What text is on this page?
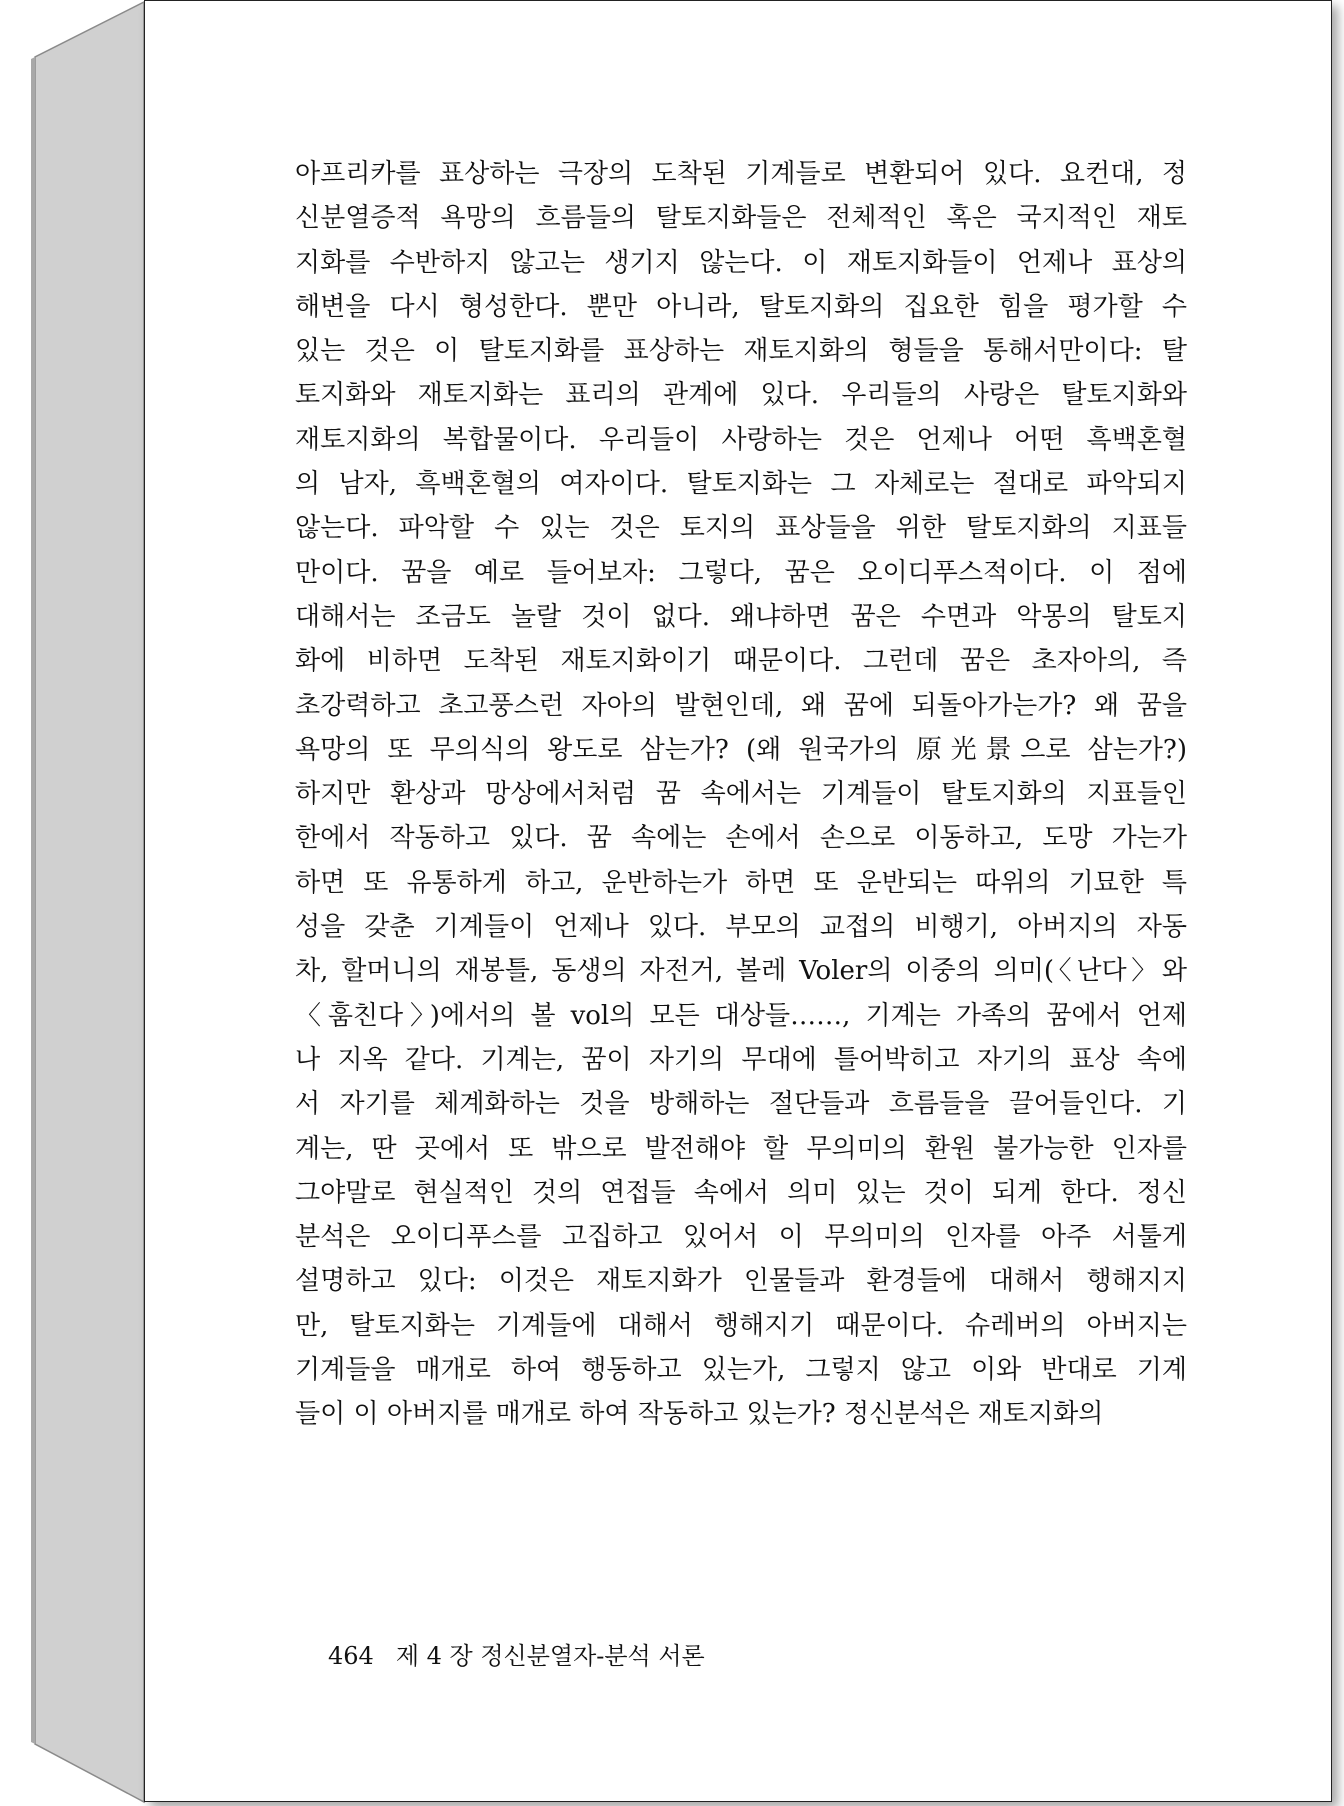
아프리카를 표상하는 극장의 도착된 기계들로 변환되어 있다. 요컨대, 정
신분열증적 욕망의 흐름들의 탈토지화들은 전체적인 혹은 국지적인 재토
지화를 수반하지 않고는 생기지 않는다. 이 재토지화들이 언제나 표상의
해변을 다시 형성한다. 뿐만 아니라, 탈토지화의 집요한 힘을 평가할 수
있는 것은 이 탈토지화를 표상하는 재토지화의 형들을 통해서만이다: 탈
토지화와 재토지화는 표리의 관계에 있다. 우리들의 사랑은 탈토지화와
재토지화의 복합물이다. 우리들이 사랑하는 것은 언제나 어떤 흑백혼혈
의 남자, 흑백혼혈의 여자이다. 탈토지화는 그 자체로는 절대로 파악되지
않는다. 파악할 수 있는 것은 토지의 표상들을 위한 탈토지화의 지표들
만이다. 꿈을 예로 들어보자: 그렇다, 꿈은 오이디푸스적이다. 이 점에
대해서는 조금도 놀랄 것이 없다. 왜냐하면 꿈은 수면과 악몽의 탈토지
화에 비하면 도착된 재토지화이기 때문이다. 그런데 꿈은 초자아의, 즉
초강력하고 초고풍스런 자아의 발현인데, 왜 꿈에 되돌아가는가? 왜 꿈을
욕망의 또 무의식의 왕도로 삼는가? (왜 원국가의 原光景으로 삼는가?)
하지만 환상과 망상에서처럼 꿈 속에서는 기계들이 탈토지화의 지표들인
한에서 작동하고 있다. 꿈 속에는 손에서 손으로 이동하고, 도망 가는가
하면 또 유통하게 하고, 운반하는가 하면 또 운반되는 따위의 기묘한 특
성을 갖춘 기계들이 언제나 있다. 부모의 교접의 비행기, 아버지의 자동
차, 할머니의 재봉틀, 동생의 자전거, 볼레 Voler의 이중의 의미(〈난다〉와
〈훔친다〉)에서의 볼 vol의 모든 대상들……, 기계는 가족의 꿈에서 언제
나 지옥 같다. 기계는, 꿈이 자기의 무대에 틀어박히고 자기의 표상 속에
서 자기를 체계화하는 것을 방해하는 절단들과 흐름들을 끌어들인다. 기
계는, 딴 곳에서 또 밖으로 발전해야 할 무의미의 환원 불가능한 인자를
그야말로 현실적인 것의 연접들 속에서 의미 있는 것이 되게 한다. 정신
분석은 오이디푸스를 고집하고 있어서 이 무의미의 인자를 아주 서툴게
설명하고 있다: 이것은 재토지화가 인물들과 환경들에 대해서 행해지지
만, 탈토지화는 기계들에 대해서 행해지기 때문이다. 슈레버의 아버지는
기계들을 매개로 하여 행동하고 있는가, 그렇지 않고 이와 반대로 기계
들이 이 아버지를 매개로 하여 작동하고 있는가? 정신분석은 재토지화의
464 제 4 장 정신분열자-분석 서론
